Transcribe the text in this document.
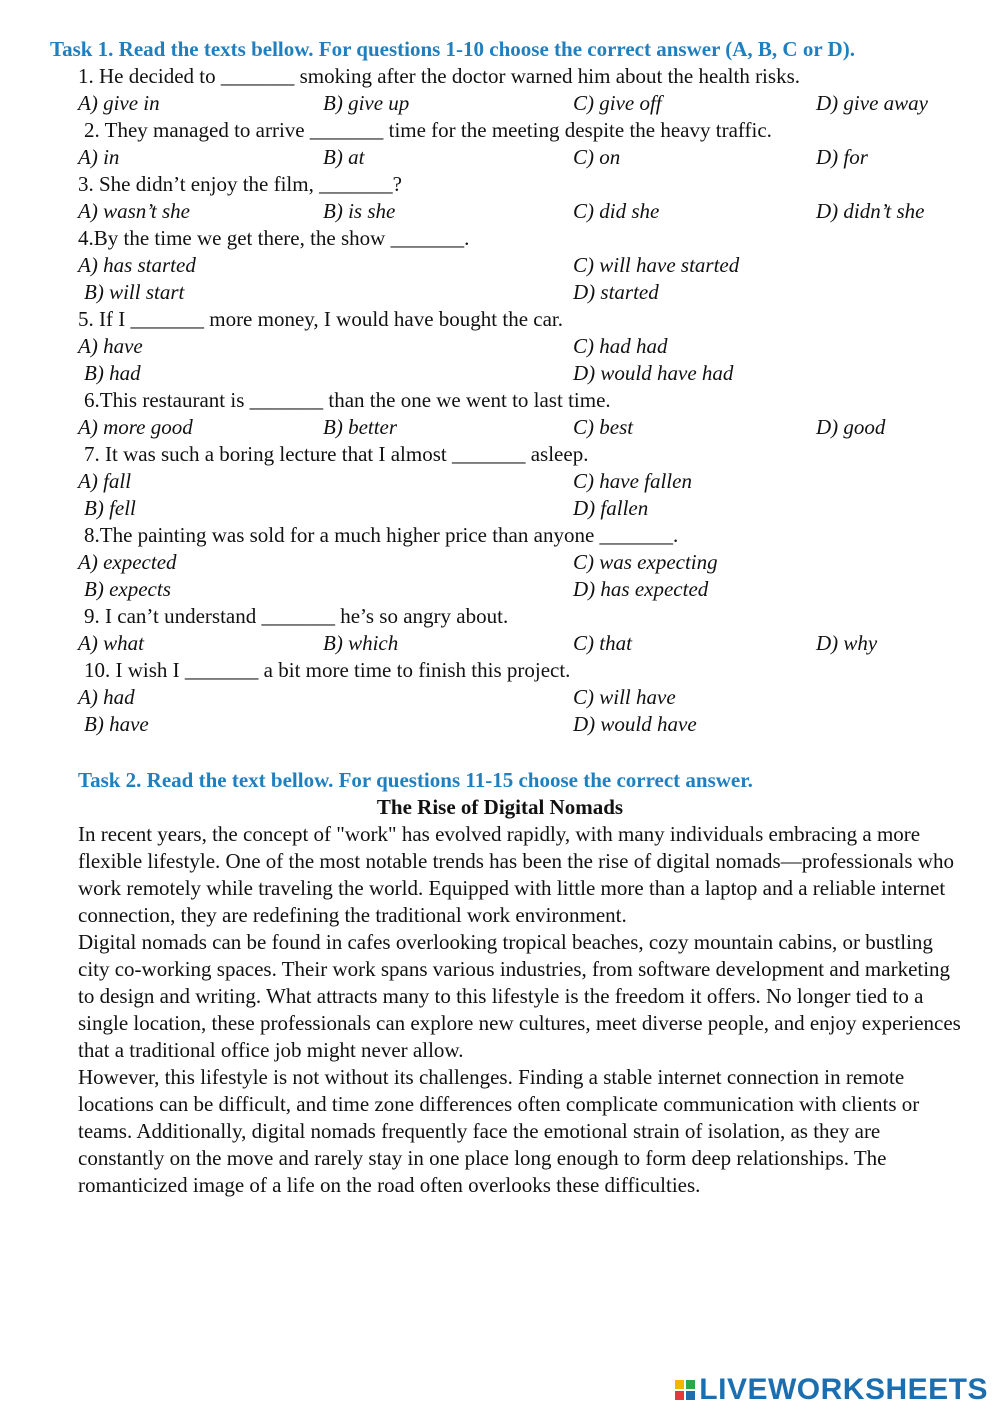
Task 1. Read the texts bellow. For questions 1-10 choose the correct answer (A, B, C or D).
1. He decided to _______ smoking after the doctor warned him about the health risks.
A) give in	B) give up	C) give off	D) give away
2. They managed to arrive _______ time for the meeting despite the heavy traffic.
A) in	B) at	C) on	D) for
3. She didn’t enjoy the film, _______?
A) wasn’t she	B) is she	C) did she	D) didn’t she
4.By the time we get there, the show _______.
A) has started	C) will have started
B) will start	D) started
5. If I _______ more money, I would have bought the car.
A) have	C) had had
B) had	D) would have had
6.This restaurant is _______ than the one we went to last time.
A) more good	B) better	C) best	D) good
7. It was such a boring lecture that I almost _______ asleep.
A) fall	C) have fallen
B) fell	D) fallen
8.The painting was sold for a much higher price than anyone _______.
A) expected	C) was expecting
B) expects	D) has expected
9. I can’t understand _______ he’s so angry about.
A) what	B) which	C) that	D) why
10. I wish I _______ a bit more time to finish this project.
A) had	C) will have
B) have	D) would have
Task 2. Read the text bellow. For questions 11-15 choose the correct answer.
The Rise of Digital Nomads

In recent years, the concept of "work" has evolved rapidly, with many individuals embracing a more flexible lifestyle. One of the most notable trends has been the rise of digital nomads—professionals who work remotely while traveling the world. Equipped with little more than a laptop and a reliable internet connection, they are redefining the traditional work environment.

Digital nomads can be found in cafes overlooking tropical beaches, cozy mountain cabins, or bustling city co-working spaces. Their work spans various industries, from software development and marketing to design and writing. What attracts many to this lifestyle is the freedom it offers. No longer tied to a single location, these professionals can explore new cultures, meet diverse people, and enjoy experiences that a traditional office job might never allow.

However, this lifestyle is not without its challenges. Finding a stable internet connection in remote locations can be difficult, and time zone differences often complicate communication with clients or teams. Additionally, digital nomads frequently face the emotional strain of isolation, as they are constantly on the move and rarely stay in one place long enough to form deep relationships. The romanticized image of a life on the road often overlooks these difficulties.

LIVEWORKSHEETS
